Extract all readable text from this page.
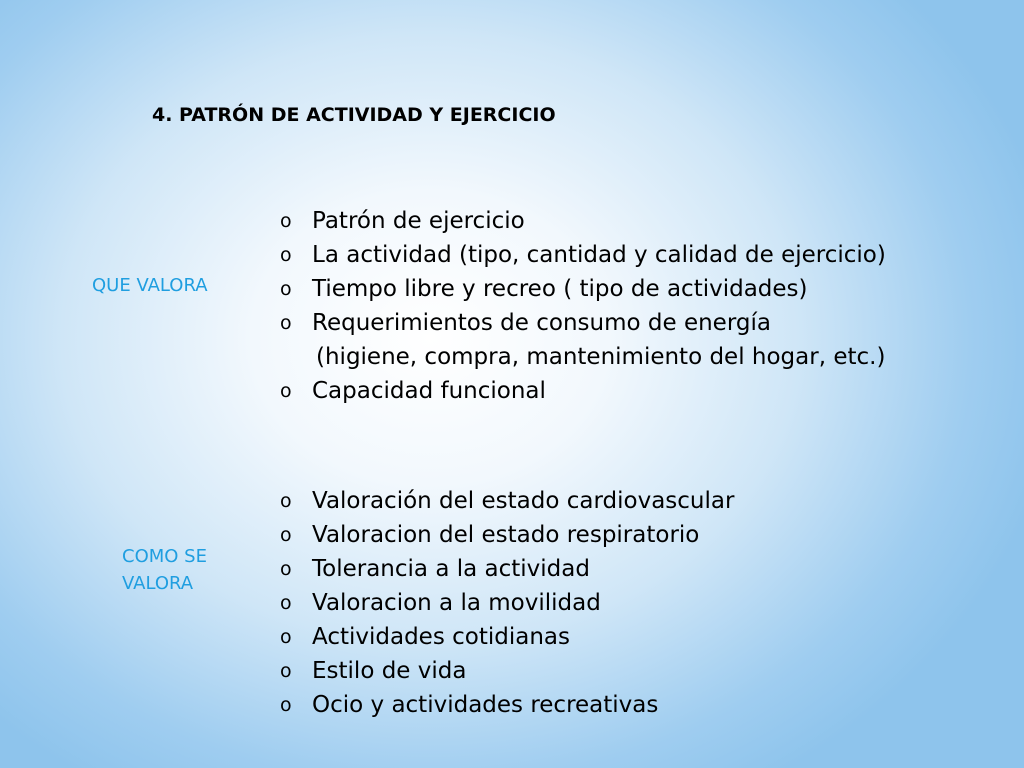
4. PATRÓN DE ACTIVIDAD Y EJERCICIO
QUE VALORA
o Patrón de ejercicio
o La actividad (tipo, cantidad y calidad de ejercicio)
o Tiempo libre y recreo ( tipo de actividades)
o Requerimientos de consumo de energía
(higiene, compra, mantenimiento del hogar, etc.)
o Capacidad funcional
COMO SE VALORA
o Valoración del estado cardiovascular
o Valoracion del estado respiratorio
o Tolerancia a la actividad
o Valoracion a la movilidad
o Actividades cotidianas
o Estilo de vida
o Ocio y actividades recreativas
